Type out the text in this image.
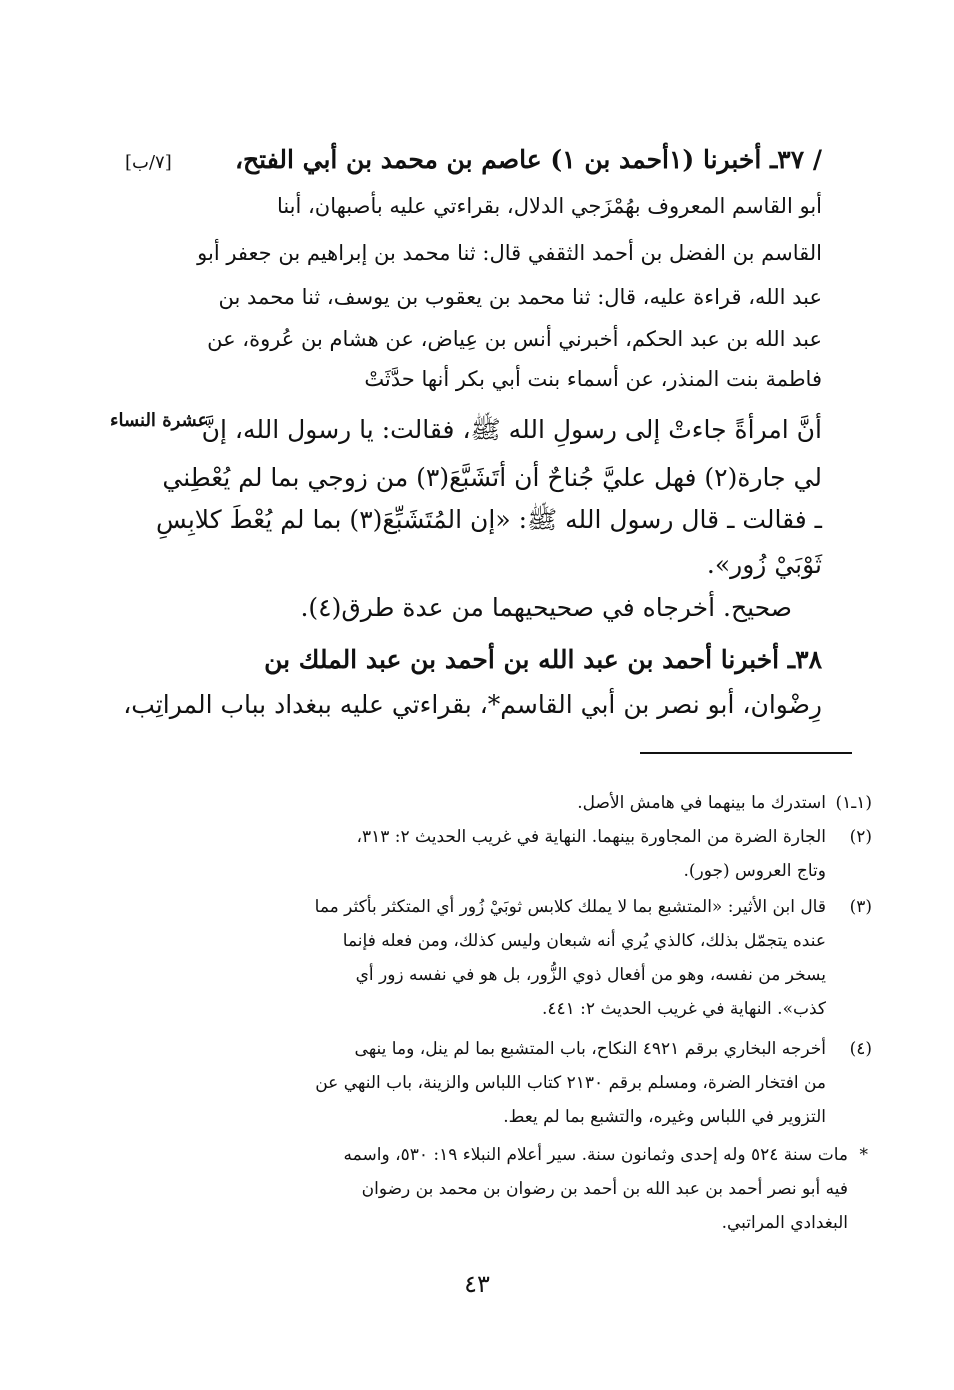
[٧/ب]
عشرة النساء
/ ٣٧ـ أخبرنا (١أحمد بن ١) عاصم بن محمد بن أبي الفتح،
أبو القاسم المعروف بهُمْزَجي الدلال، بقراءتي عليه بأصبهان، أبنا
القاسم بن الفضل بن أحمد الثقفي قال: ثنا محمد بن إبراهيم بن جعفر أبو
عبد الله، قراءة عليه، قال: ثنا محمد بن يعقوب بن يوسف، ثنا محمد بن
عبد الله بن عبد الحكم، أخبرني أنس بن عِياض، عن هشام بن عُروة، عن
فاطمة بنت المنذر، عن أسماء بنت أبي بكر أنها حدَّثَتْ
أنَّ امرأةً جاءتْ إلى رسولِ الله ﷺ، فقالت: يا رسول الله، إنَّ
لي جارة(٢) فهل عليَّ جُناحٌ أن أتَشَبَّعَ(٣) من زوجي بما لم يُعْطِني
ـ فقالت ـ قال رسول الله ﷺ: «إن المُتَشَبِّعَ(٣) بما لم يُعْطَ كلابِسِ
ثَوْبَيْ زُور».
صحيح. أخرجاه في صحيحيهما من عدة طرق(٤).
٣٨ـ أخبرنا أحمد بن عبد الله بن أحمد بن عبد الملك بن
رِضْوان، أبو نصر بن أبي القاسم*، بقراءتي عليه ببغداد بباب المراتِب،
(١ـ١)
استدرك ما بينهما في هامش الأصل.
(٢)
الجارة الضرة من المجاورة بينهما. النهاية في غريب الحديث ٢: ٣١٣،
وتاج العروس (جور).
(٣)
قال ابن الأثير: «المتشبع بما لا يملك كلابس ثوبَيْ زُور أي المتكثر بأكثر مما
عنده يتجمّل بذلك، كالذي يُري أنه شبعان وليس كذلك، ومن فعله فإنما
يسخر من نفسه، وهو من أفعال ذوي الزُّور، بل هو في نفسه زور أي
كذب». النهاية في غريب الحديث ٢: ٤٤١.
(٤)
أخرجه البخاري برقم ٤٩٢١ النكاح، باب المتشبع بما لم ينل، وما ينهى
من افتخار الضرة، ومسلم برقم ٢١٣٠ كتاب اللباس والزينة، باب النهي عن
التزوير في اللباس وغيره، والتشبع بما لم يعط.
*
مات سنة ٥٢٤ وله إحدى وثمانون سنة. سير أعلام النبلاء ١٩: ٥٣٠، واسمه
فيه أبو نصر أحمد بن عبد الله بن أحمد بن رضوان بن محمد بن رضوان
البغدادي المراتبي.
٤٣
